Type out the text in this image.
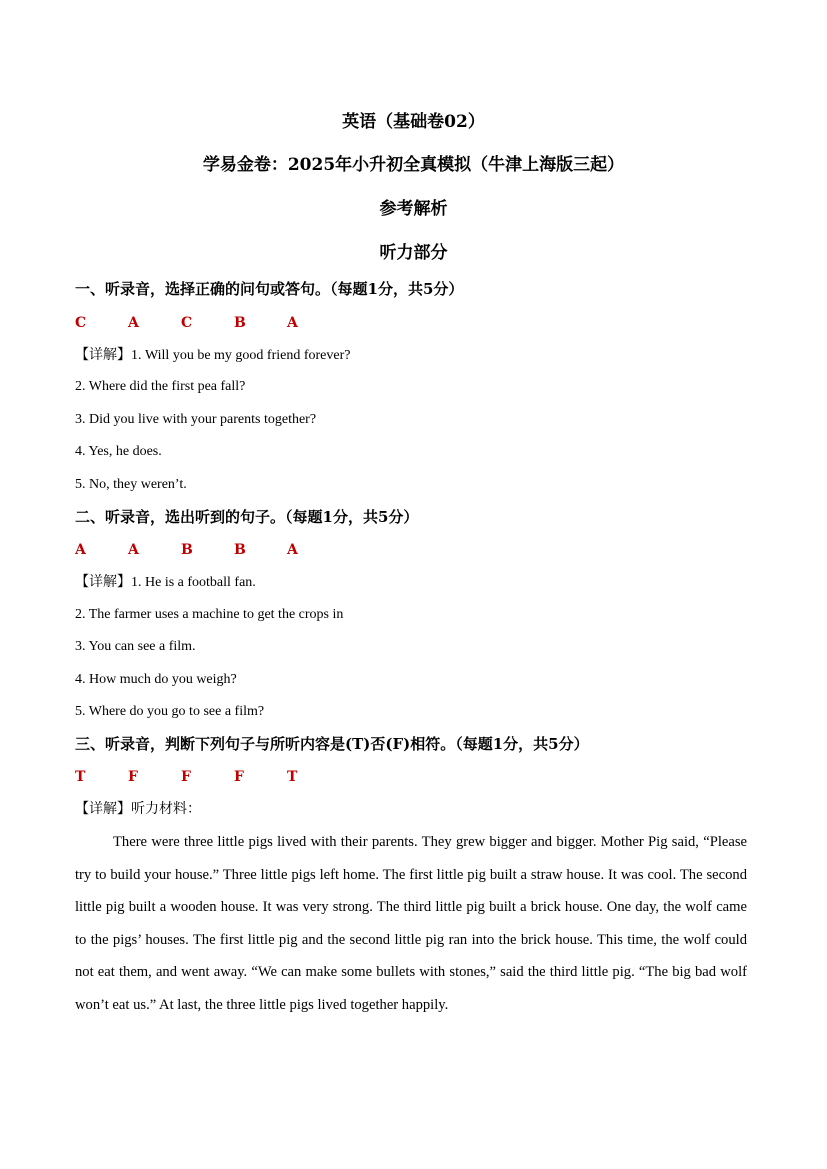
英语（基础卷02）
学易金卷：2025年小升初全真模拟（牛津上海版三起）
参考解析
听力部分
一、听录音，选择正确的问句或答句。（每题1分，共5分）
C	A	C	B	A
【详解】1. Will you be my good friend forever?
2. Where did the first pea fall?
3. Did you live with your parents together?
4. Yes, he does.
5. No, they weren’t.
二、听录音，选出听到的句子。（每题1分，共5分）
A	A	B	B	A
【详解】1. He is a football fan.
2. The farmer uses a machine to get the crops in
3. You can see a film.
4. How much do you weigh?
5. Where do you go to see a film?
三、听录音，判断下列句子与所听内容是(T)否(F)相符。（每题1分，共5分）
T	F	F	F	T
【详解】听力材料：

There were three little pigs lived with their parents. They grew bigger and bigger. Mother Pig said, “Please try to build your house.” Three little pigs left home. The first little pig built a straw house. It was cool. The second little pig built a wooden house. It was very strong. The third little pig built a brick house. One day, the wolf came to the pigs’ houses. The first little pig and the second little pig ran into the brick house. This time, the wolf could not eat them, and went away. “We can make some bullets with stones,” said the third little pig. “The big bad wolf won’t eat us.” At last, the three little pigs lived together happily.
